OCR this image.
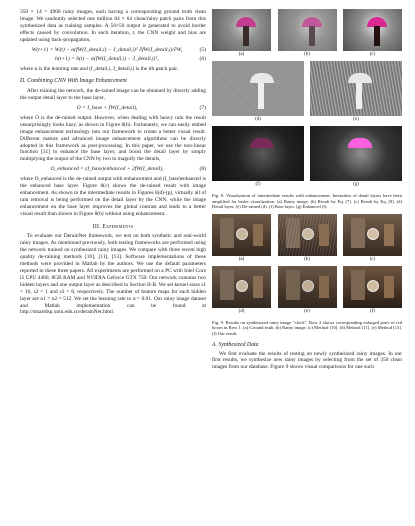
350 × 14 = 4900 rainy images, each having a corresponding ground truth clean image. We randomly selected one million 64 × 64 clean/rainy patch pairs from this synthesized data as training samples. A 56×56 output is generated to avoid border effects caused by convolution. In each iteration, t, the CNN weight and bias are updated using back-propagation,

W(t+1) = W(t) − α(fW(I_detail,i) − J_detail,i)ᵀ ∂fW(I_detail,i)/∂W,	(5)
b(t+1) = b(t) − α(fW(I_detail,i) − J_detail,i)ᵀ,	(6)

where α is the learning rate and (I_detail,i, J_detail,i) is the ith patch pair.

D. Combining CNN With Image Enhancement

After training the network, the de-rained image can be obtained by directly adding the output detail layer to the base layer,

O = I_base + fW(I_detail),	(7)

where O is the de-rained output. However, when dealing with heavy rain the result unsurprisingly looks hazy, as shown in Figure 8(b). Fortunately, we can easily embed image enhancement technology into our framework to create a better visual result. Different mature and advanced image enhancement algorithms can be directly adopted in this framework as post-processing. In this paper, we use the non-linear function [31] to enhance the base layer, and boost the detail layer by simply multiplying the output of the CNN by two to magnify the details,

O_enhanced = (I_base)enhanced + 2fW(I_detail),	(8)

where O_enhanced is the de-rained output with enhancement and (I_base)enhanced is the enhanced base layer. Figure 8(c) shows the de-rained result with image enhancement. As shown in the intermediate results in Figures 8(d)-(g), virtually all of rain removal is being performed on the detail layer by the CNN, while the image enhancement on the base layer improves the global contrast and leads to a better visual result than shown in Figure 8(b) without using enhancement.

III. Experiments

To evaluate our DerainNet framework, we test on both synthetic and real-world rainy images. As mentioned previously, both testing frameworks are performed using the network trained on synthesized rainy images. We compare with three recent high quality de-raining methods [10], [11], [13]. Software implementations of these methods were provided in Matlab by the authors. We use the default parameters reported in these three papers. All experiments are performed on a PC with Intel Core i5 CPU 4460, 8GB RAM and NVIDIA Geforce GTX 750. Our network contains two hidden layers and one output layer as described in Section II-B. We set kernel sizes s1 = 16, s2 = 1 and s3 = 8, respectively. The number of feature maps for each hidden layer are n1 = n2 = 512. We set the learning rate to α = 0.01. Our rainy image dataset and Matlab implementation can be found at http://smartdsp.xmu.edu.cn/derainNet.html.

(a)	(b)	(c)
(d)	(e)
(f)	(g)

Fig. 8. Visualization of intermediate results with enhancement. Intensities of detail layers have been amplified for better visualization. (a) Rainy image. (b) Result by Eq. (7). (c) Result by Eq. (8). (d) Detail layer. (e) De-rained (d). (f) Base layer. (g) Enhanced (f).

(a)	(b)	(c)
(d)	(e)	(f)

Fig. 9. Results on synthesized rainy image "clock". Row 2 shows corresponding enlarged parts of red boxes in Row 1. (a) Ground truth. (b) Rainy image. (c) Method [10]. (d) Method [11]. (e) Method [13]. (f) Our result.

A. Synthesized Data

We first evaluate the results of testing on newly synthesized rainy images. In our first results, we synthesize new rainy images by selecting from the set of 350 clean images from our database. Figure 9 shows visual comparisons for one such
